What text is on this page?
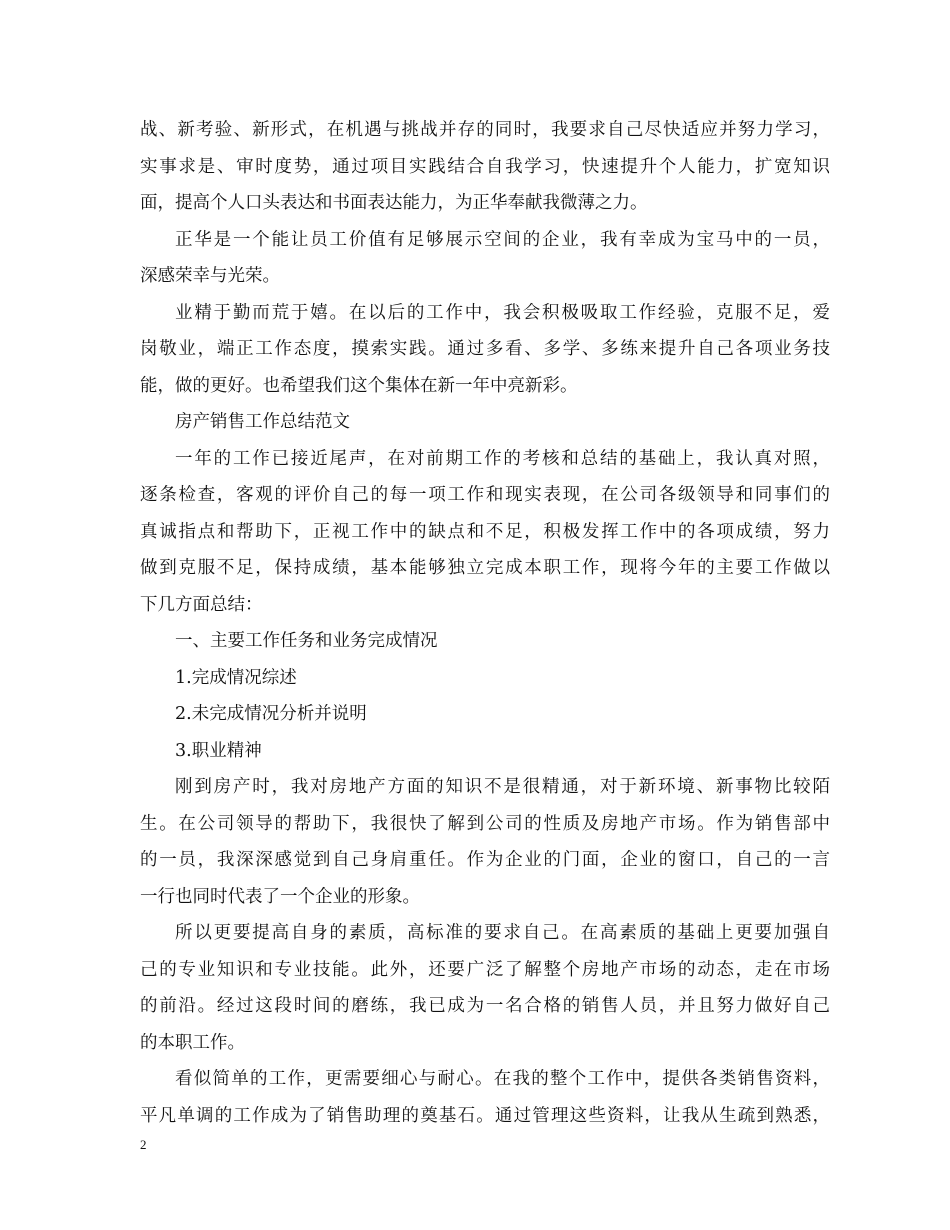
战、新考验、新形式，在机遇与挑战并存的同时，我要求自己尽快适应并努力学习，
实事求是、审时度势，通过项目实践结合自我学习，快速提升个人能力，扩宽知识
面，提高个人口头表达和书面表达能力，为正华奉献我微薄之力。
正华是一个能让员工价值有足够展示空间的企业，我有幸成为宝马中的一员，
深感荣幸与光荣。
业精于勤而荒于嬉。在以后的工作中，我会积极吸取工作经验，克服不足，爱
岗敬业，端正工作态度，摸索实践。通过多看、多学、多练来提升自己各项业务技
能，做的更好。也希望我们这个集体在新一年中亮新彩。
房产销售工作总结范文
一年的工作已接近尾声，在对前期工作的考核和总结的基础上，我认真对照，
逐条检查，客观的评价自己的每一项工作和现实表现，在公司各级领导和同事们的
真诚指点和帮助下，正视工作中的缺点和不足，积极发挥工作中的各项成绩，努力
做到克服不足，保持成绩，基本能够独立完成本职工作，现将今年的主要工作做以
下几方面总结：
一、主要工作任务和业务完成情况
1.完成情况综述
2.未完成情况分析并说明
3.职业精神
刚到房产时，我对房地产方面的知识不是很精通，对于新环境、新事物比较陌
生。在公司领导的帮助下，我很快了解到公司的性质及房地产市场。作为销售部中
的一员，我深深感觉到自己身肩重任。作为企业的门面，企业的窗口，自己的一言
一行也同时代表了一个企业的形象。
所以更要提高自身的素质，高标准的要求自己。在高素质的基础上更要加强自
己的专业知识和专业技能。此外，还要广泛了解整个房地产市场的动态，走在市场
的前沿。经过这段时间的磨练，我已成为一名合格的销售人员，并且努力做好自己
的本职工作。
看似简单的工作，更需要细心与耐心。在我的整个工作中，提供各类销售资料，
平凡单调的工作成为了销售助理的奠基石。通过管理这些资料，让我从生疏到熟悉，
2
